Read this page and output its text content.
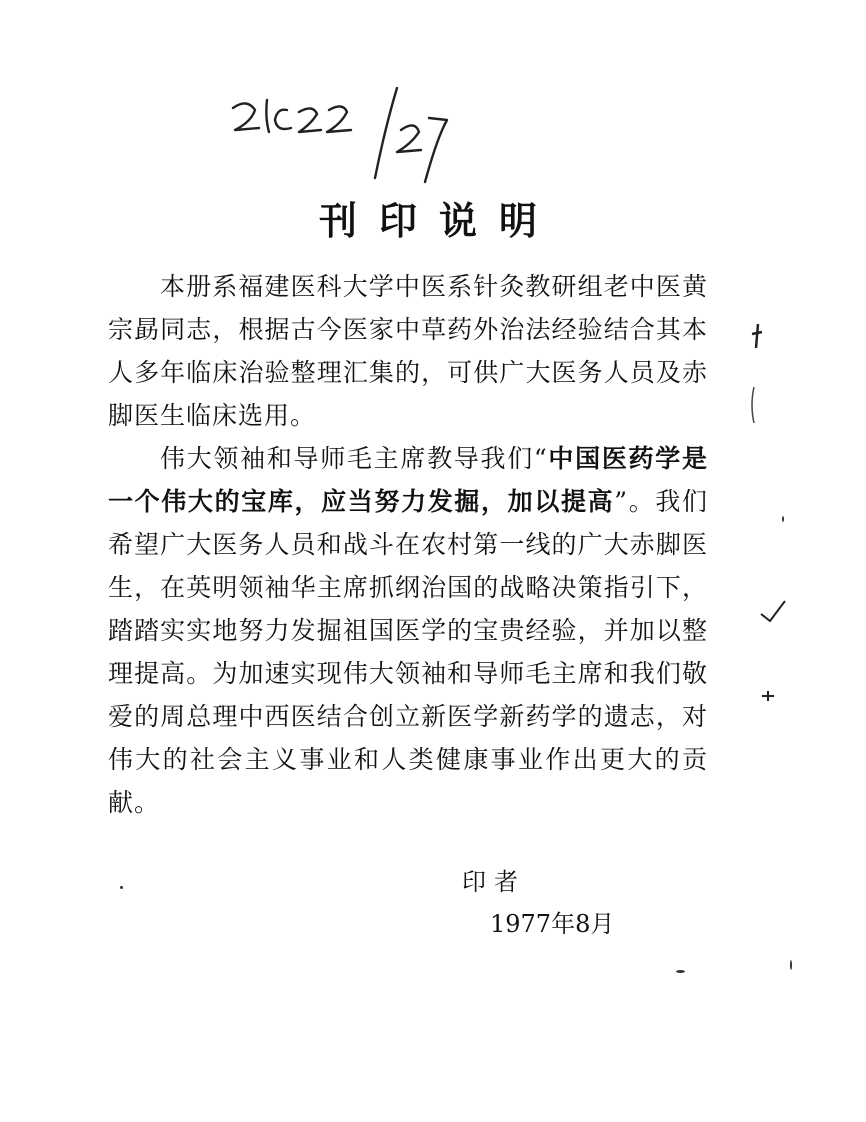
2622/27
刊印说明

本册系福建医科大学中医系针灸教研组老中医黄宗勗同志，根据古今医家中草药外治法经验结合其本人多年临床治验整理汇集的，可供广大医务人员及赤脚医生临床选用。

伟大领袖和导师毛主席教导我们“中国医药学是一个伟大的宝库，应当努力发掘，加以提高”。我们希望广大医务人员和战斗在农村第一线的广大赤脚医生，在英明领袖华主席抓纲治国的战略决策指引下，踏踏实实地努力发掘祖国医学的宝贵经验，并加以整理提高。为加速实现伟大领袖和导师毛主席和我们敬爱的周总理中西医结合创立新医学新药学的遗志，对伟大的社会主义事业和人类健康事业作出更大的贡献。

印者
1977年8月
